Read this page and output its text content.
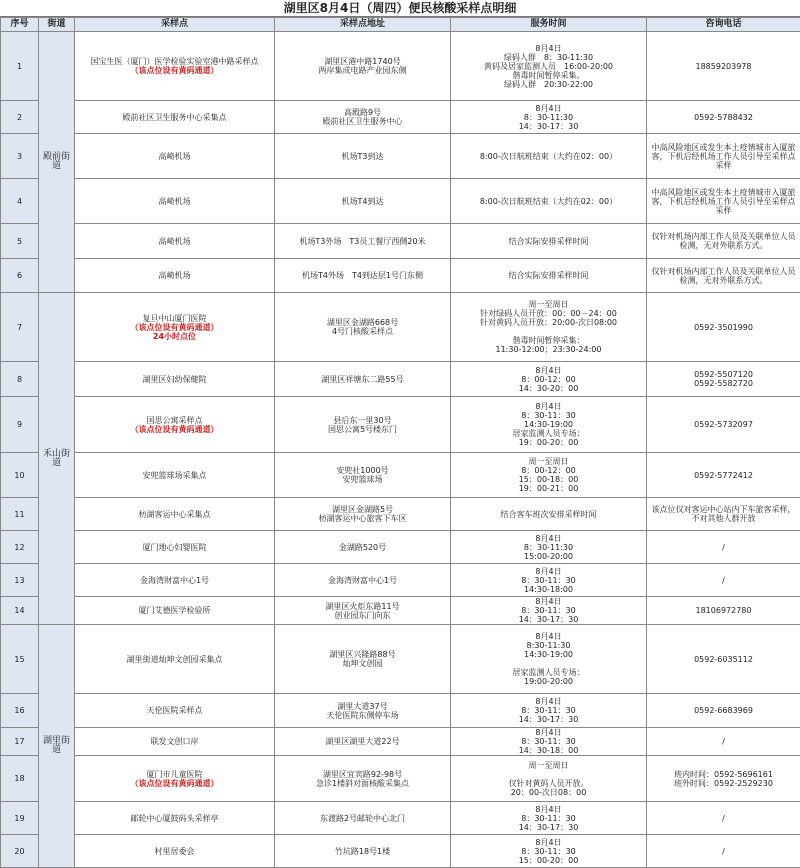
湖里区8月4日（周四）便民核酸采样点明细
序号	街道	采样点	采样点地址	服务时间	咨询电话
1	殿前街道	国宝生医（厦门）医学检验实验室港中路采样点
（该点位设有黄码通道）	湖里区港中路1740号
两岸集成电路产业园东侧	8月4日
绿码人群　8：30-11:30
黄码及居家监测人员　16:00-20:00
偕毒时间暂停采集。
绿码人群　20:30-22:00	18859203978

2		殿前社区卫生服务中心采集点	高殿路9号
殿前社区卫生服务中心	8月4日
8：30-11:30
14：30-17：30	0592-5788432

3		高崎机场	机场T3到达	8:00-次日航班结束（大约在02：00）	中高风险地区或发生本土疫情城市入厦旅客，下机后经机场工作人员引导至采样点采样

4		高崎机场	机场T4到达	8:00-次日航班结束（大约在02：00）	中高风险地区或发生本土疫情城市入厦旅客，下机后经机场工作人员引导至采样点采样

5		高崎机场	机场T3外场　T3员工餐厅西侧20米	结合实际安排采样时间	仅针对机场内部工作人员及关联单位人员检测，无对外联系方式。

6		高崎机场	机场T4外场　T4到达层1号门东侧	结合实际安排采样时间	仅针对机场内部工作人员及关联单位人员检测，无对外联系方式。

7	禾山街道	复旦中山厦门医院
（该点位设有黄码通道）
24小时点位	湖里区金湖路668号
4号门核酸采样点	周一至周日
针对绿码人员开放：00：00－24：00
针对黄码人员开放：20:00-次日08:00

偕毒时间暂停采集：
11:30-12:00；23:30-24:00	0592-3501990

8		湖里区妇幼保健院	湖里区祥塘东二路55号	8月4日
8：00-12：00
14：30-20：00	0592-5507120
0592-5582720

9		国思公寓采样点
（该点位设有黄码通道）	县后东一里30号
国思公寓5号楼东门	8月4日
8：30-11：30
14:30-19:00
居家监测人员专场：
19：00-20：00	0592-5732097

10		安兜篮球场采集点	安兜社1000号
安兜篮球场	周一至周日
8：00-12：00
15：00-18：00
19：00-21：00	0592-5772412

11		枋湖客运中心采集点	湖里区金湖路5号
枋湖客运中心旅客下车区	结合客车班次安排采样时间	该点位仅对客运中心站内下车旅客采样，
不对其他人群开放

12		厦门地心妇婴医院	金湖路520号	8月4日
8：30-11:30
15:00-20:00	/

13		金海湾财富中心1号	金海湾财富中心1号	8月4日
8：30-11：30
14:30-18:00	/

14		厦门艾德医学检验所	湖里区火炬东路11号
创业园东门向东	8月4日
8：30-11：30
14：30-17：30	18106972780

15	湖里街道	湖里街道灿坤文创园采集点	湖里区兴隆路88号
灿坤文创园	8月4日
8:30-11:30
14:30-19:00

居家监测人员专场：
19:00-20:00	0592-6035112

16		天伦医院采样点	湖里大道37号
天伦医院东侧停车场	8月4日
8：30-11：30
14：30-17：30	0592-6683969

17		联发文创口岸	湖里区湖里大道22号	8月4日
8：30-11：30
14：30-18：00	/

18		厦门市儿童医院
（该点位设有黄码通道）	湖里区宜宾路92-98号
急诊1楼斜对面核酸采集点	周一至周日

仅针对黄码人员开放。
20：00-次日08：00	班内时间：0592-5696161
班外时间：0592-2529230

19		邮轮中心厦鼓码头采样亭	东渡路2号邮轮中心北门	8月4日
8：30-11：30
14：30-17：30	/

20		村里居委会	竹坑路18号1楼	8月4日
8：30-11：30
15：00-20：00	/
